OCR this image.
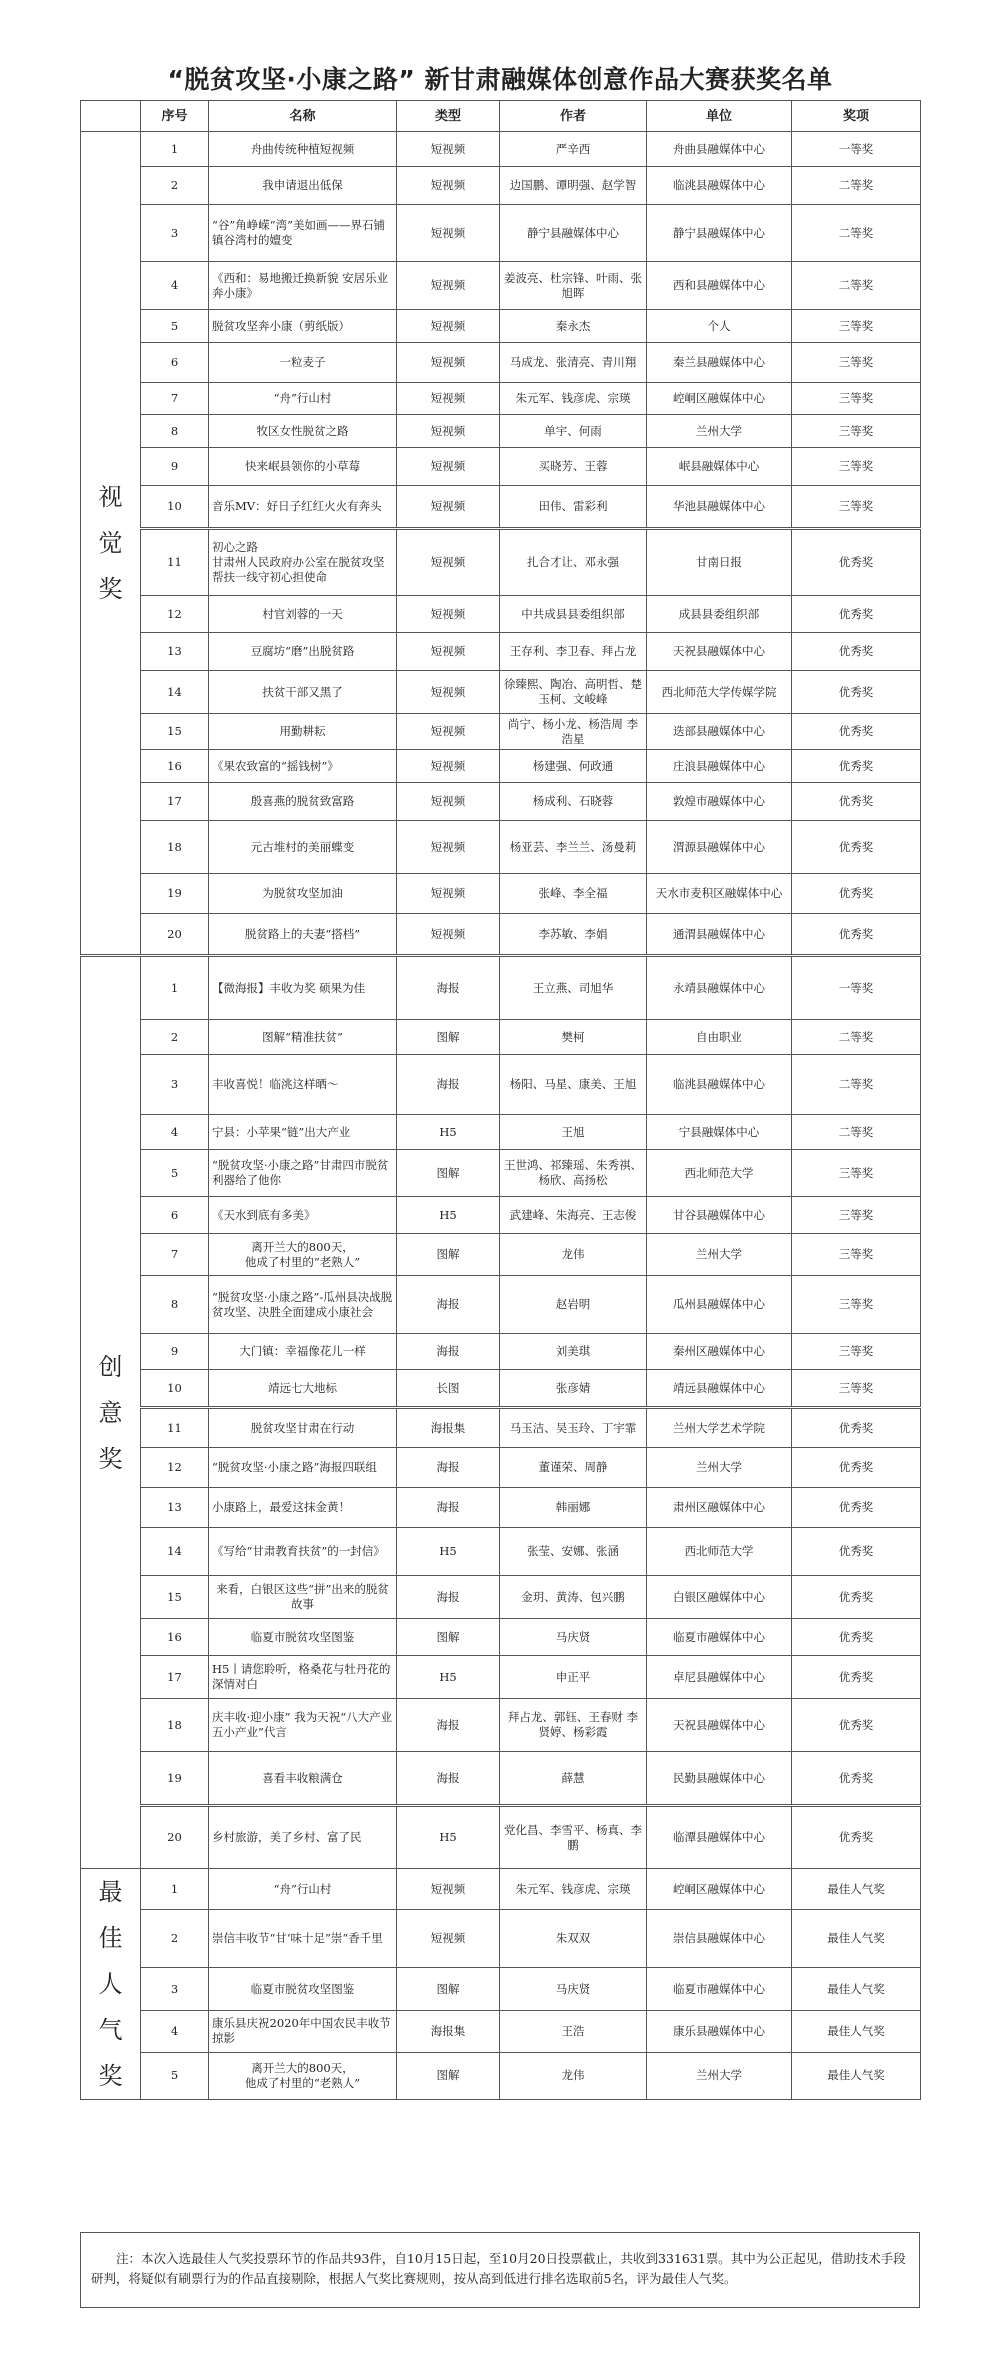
“脱贫攻坚·小康之路” 新甘肃融媒体创意作品大赛获奖名单
	序号	名称	类型	作者	单位	奖项

视
觉
奖	1	舟曲传统种植短视频	短视频	严辛西	舟曲县融媒体中心	一等奖
	2	我申请退出低保	短视频	边国鹏、谭明强、赵学智	临洮县融媒体中心	二等奖
	3	“谷”角峥嵘“湾”美如画——界石铺镇谷湾村的嬗变	短视频	静宁县融媒体中心	静宁县融媒体中心	二等奖
	4	《西和：易地搬迁换新貌 安居乐业奔小康》	短视频	姜波亮、杜宗锋、叶雨、张旭晖	西和县融媒体中心	二等奖
	5	脱贫攻坚奔小康（剪纸版）	短视频	秦永杰	个人	三等奖
	6	一粒麦子	短视频	马成龙、张清亮、青川翔	秦兰县融媒体中心	三等奖
	7	“舟”行山村	短视频	朱元军、钱彦虎、宗瑛	崆峒区融媒体中心	三等奖
	8	牧区女性脱贫之路	短视频	单宇、何雨	兰州大学	三等奖
	9	快来岷县领你的小草莓	短视频	买晓芳、王蓉	岷县融媒体中心	三等奖
	10	音乐MV：好日子红红火火有奔头	短视频	田伟、雷彩利	华池县融媒体中心	三等奖
	11	初心之路
甘肃州人民政府办公室在脱贫攻坚帮扶一线守初心担使命	短视频	扎合才让、邓永强	甘南日报	优秀奖
	12	村官刘蓉的一天	短视频	中共成县县委组织部	成县县委组织部	优秀奖
	13	豆腐坊“磨”出脱贫路	短视频	王存利、李卫春、拜占龙	天祝县融媒体中心	优秀奖
	14	扶贫干部又黑了	短视频	徐臻熙、陶冶、高明哲、楚玉柯、文峻峰	西北师范大学传媒学院	优秀奖
	15	用勤耕耘	短视频	尚宁、杨小龙、杨浩周 李浩星	迭部县融媒体中心	优秀奖
	16	《果农致富的“摇钱树”》	短视频	杨建强、何政通	庄浪县融媒体中心	优秀奖
	17	殷喜燕的脱贫致富路	短视频	杨成利、石晓蓉	敦煌市融媒体中心	优秀奖
	18	元古堆村的美丽蝶变	短视频	杨亚芸、李兰兰、汤曼莉	渭源县融媒体中心	优秀奖
	19	为脱贫攻坚加油	短视频	张峰、李全福	天水市麦积区融媒体中心	优秀奖
	20	脱贫路上的夫妻“搭档”	短视频	李苏敏、李娟	通渭县融媒体中心	优秀奖

创
意
奖	1	【微海报】丰收为奖 硕果为佳	海报	王立燕、司旭华	永靖县融媒体中心	一等奖
	2	图解“精准扶贫”	图解	樊柯	自由职业	二等奖
	3	丰收喜悦！临洮这样晒～	海报	杨阳、马星、康美、王旭	临洮县融媒体中心	二等奖
	4	宁县：小苹果“链”出大产业	H5	王旭	宁县融媒体中心	二等奖
	5	“脱贫攻坚·小康之路”甘肃四市脱贫利器给了他你	图解	王世鸿、祁臻瑶、朱秀祺、杨欣、高扬松	西北师范大学	三等奖
	6	《天水到底有多美》	H5	武建峰、朱海亮、王志俊	甘谷县融媒体中心	三等奖
	7	离开兰大的800天，
他成了村里的“老熟人”	图解	龙伟	兰州大学	三等奖
	8	“脱贫攻坚·小康之路”-瓜州县决战脱贫攻坚、决胜全面建成小康社会	海报	赵岩明	瓜州县融媒体中心	三等奖
	9	大门镇：幸福像花儿一样	海报	刘美琪	秦州区融媒体中心	三等奖
	10	靖远七大地标	长图	张彦婧	靖远县融媒体中心	三等奖
	11	脱贫攻坚甘肃在行动	海报集	马玉洁、吴玉玲、丁宇霏	兰州大学艺术学院	优秀奖
	12	“脱贫攻坚·小康之路”海报四联组	海报	董谨荣、周静	兰州大学	优秀奖
	13	小康路上，最爱这抹金黄！	海报	韩丽娜	肃州区融媒体中心	优秀奖
	14	《写给“甘肃教育扶贫”的一封信》	H5	张莹、安娜、张涵	西北师范大学	优秀奖
	15	来看，白银区这些“拼”出来的脱贫故事	海报	金玥、黄涛、包兴鹏	白银区融媒体中心	优秀奖
	16	临夏市脱贫攻坚图鉴	图解	马庆贤	临夏市融媒体中心	优秀奖
	17	H5丨请您聆听，格桑花与牡丹花的深情对白	H5	申正平	卓尼县融媒体中心	优秀奖
	18	庆丰收·迎小康” 我为天祝“八大产业 五小产业”代言	海报	拜占龙、郭钰、王春财 李贤婷、杨彩霞	天祝县融媒体中心	优秀奖
	19	喜看丰收粮满仓	海报	薛慧	民勤县融媒体中心	优秀奖
	20	乡村旅游，美了乡村、富了民	H5	党化昌、李雪平、杨真、李鹏	临潭县融媒体中心	优秀奖

最
佳
人
气
奖	1	“舟”行山村	短视频	朱元军、钱彦虎、宗瑛	崆峒区融媒体中心	最佳人气奖
	2	崇信丰收节“甘‘味十足”崇“香千里	短视频	朱双双	崇信县融媒体中心	最佳人气奖
	3	临夏市脱贫攻坚图鉴	图解	马庆贤	临夏市融媒体中心	最佳人气奖
	4	康乐县庆祝2020年中国农民丰收节掠影	海报集	王浩	康乐县融媒体中心	最佳人气奖
	5	离开兰大的800天，
他成了村里的“老熟人”	图解	龙伟	兰州大学	最佳人气奖
注：本次入选最佳人气奖投票环节的作品共93件，自10月15日起，至10月20日投票截止，共收到331631票。其中为公正起见，借助技术手段研判，将疑似有刷票行为的作品直接剔除，根据人气奖比赛规则，按从高到低进行排名选取前5名，评为最佳人气奖。
